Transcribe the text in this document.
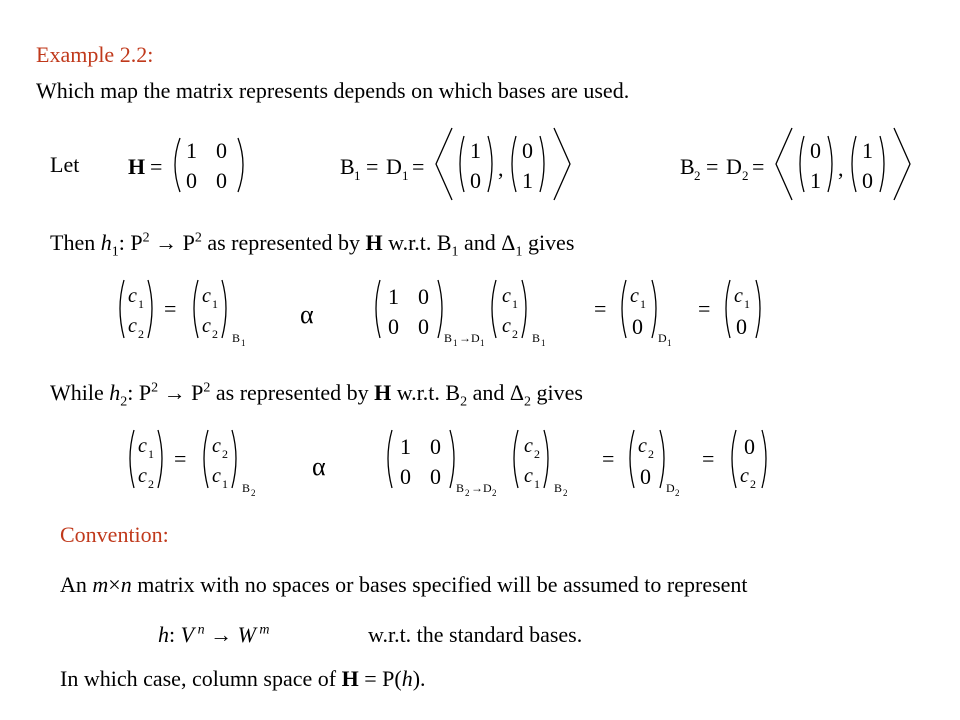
Example 2.2:
Which map the matrix represents depends on which bases are used.
Let H =
1 0
0 0
B 1 = D 1 =
1
0 ,
0
1
B 2 = D 2 =
0
1 ,
1
0
Then $h_1$: $P^2 \to P^2$ as represented by H w.r.t. $B_1$ and $\Delta_1$ gives
c 1
c 2
= c 1
c 2 B 1
α
1 0
0 0 B 1 → D 1
c 1
c 2 B 1
= c 1
0 D 1
= c 1
0
While $h_2$: $P^2 \to P^2$ as represented by H w.r.t. $B_2$ and $\Delta_2$ gives
c 1
c 2
= c 2
c 1 B 2
α
1 0
0 0 B 2 → D 2
c 2
c 1 B 2
= c 2
0 D 2
= 0
c 2
Convention:
An m×n matrix with no spaces or bases specified will be assumed to represent
h: V $^n$ → W $^m$	w.r.t. the standard bases.
In which case, column space of H = P(h).
